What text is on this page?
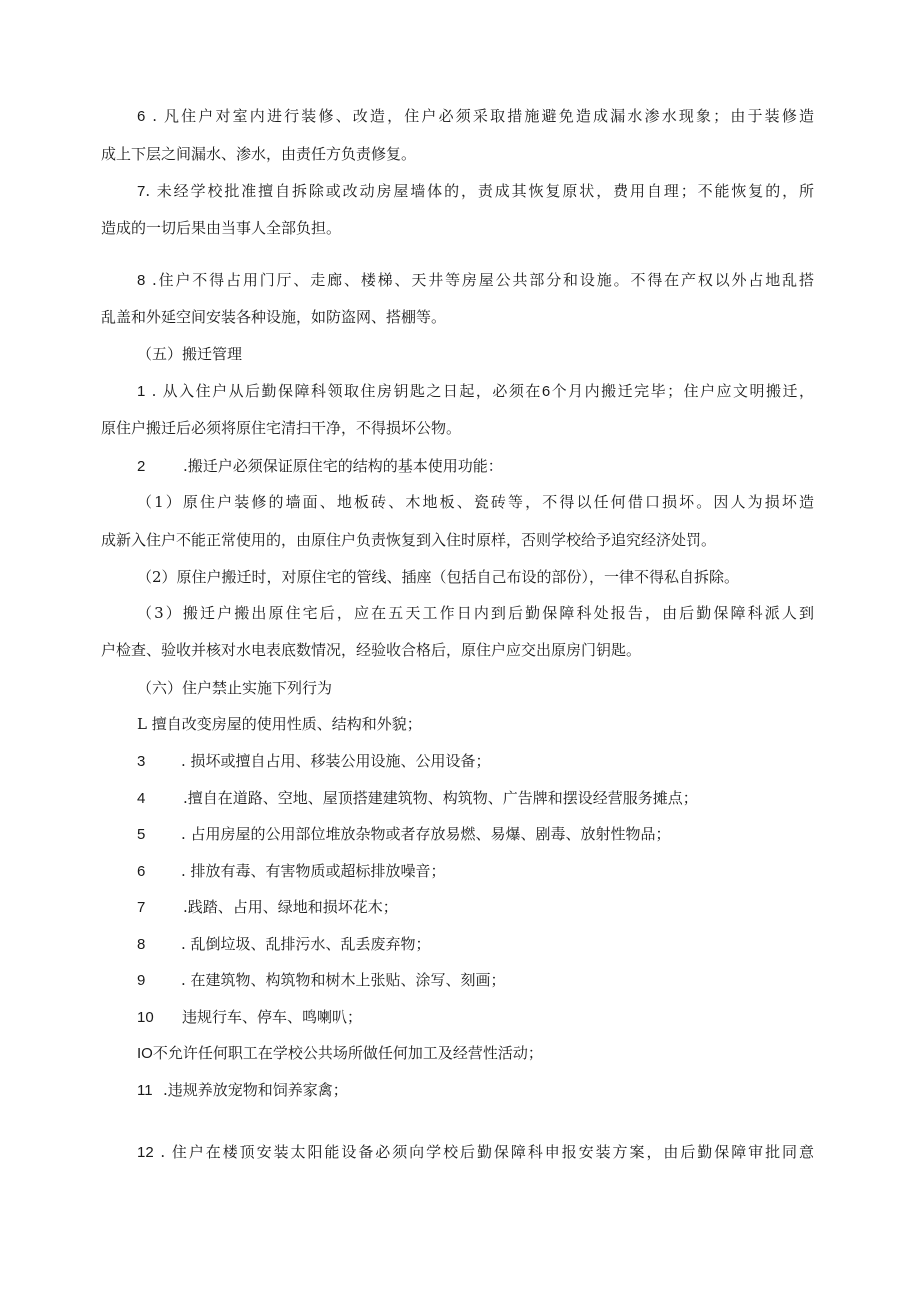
6 . 凡住户对室内进行装修、改造，住户必须采取措施避免造成漏水渗水现象；由于装修造
成上下层之间漏水、渗水，由责任方负责修复。
7. 未经学校批准擅自拆除或改动房屋墙体的，责成其恢复原状，费用自理；不能恢复的，所
造成的一切后果由当事人全部负担。
8 .住户不得占用门厅、走廊、楼梯、天井等房屋公共部分和设施。不得在产权以外占地乱搭
乱盖和外延空间安装各种设施，如防盗网、搭棚等。
（五）搬迁管理
1 . 从入住户从后勤保障科领取住房钥匙之日起，必须在6个月内搬迁完毕；住户应文明搬迁，
原住户搬迁后必须将原住宅清扫干净，不得损坏公物。
2	.搬迁户必须保证原住宅的结构的基本使用功能：
（1）原住户装修的墙面、地板砖、木地板、瓷砖等，不得以任何借口损坏。因人为损坏造
成新入住户不能正常使用的，由原住户负责恢复到入住时原样，否则学校给予追究经济处罚。
（2）原住户搬迁时，对原住宅的管线、插座（包括自己布设的部份），一律不得私自拆除。
（3）搬迁户搬出原住宅后，应在五天工作日内到后勤保障科处报告，由后勤保障科派人到
户检查、验收并核对水电表底数情况，经验收合格后，原住户应交出原房门钥匙。
（六）住户禁止实施下列行为
L 擅自改变房屋的使用性质、结构和外貌；
3 . 损坏或擅自占用、移装公用设施、公用设备；
4	.擅自在道路、空地、屋顶搭建建筑物、构筑物、广告牌和摆设经营服务摊点；
5 . 占用房屋的公用部位堆放杂物或者存放易燃、易爆、剧毒、放射性物品；
6 . 排放有毒、有害物质或超标排放噪音；
7	.践踏、占用、绿地和损坏花木；
8 . 乱倒垃圾、乱排污水、乱丢废弃物；
9 . 在建筑物、构筑物和树木上张贴、涂写、刻画；
10 违规行车、停车、鸣喇叭；
IO不允许任何职工在学校公共场所做任何加工及经营性活动；
11 .违规养放宠物和饲养家禽；
12 . 住户在楼顶安装太阳能设备必须向学校后勤保障科申报安装方案，由后勤保障审批同意
